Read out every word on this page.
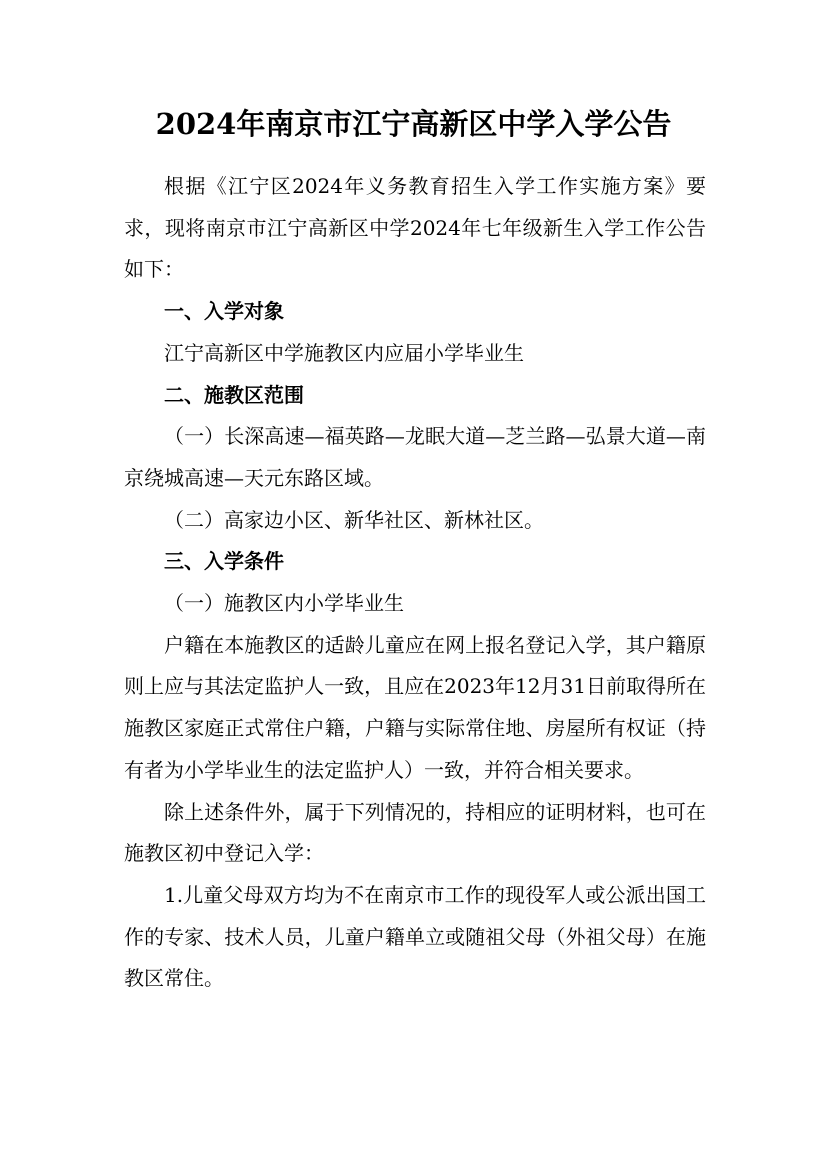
2024年南京市江宁高新区中学入学公告

根据《江宁区2024年义务教育招生入学工作实施方案》要求，现将南京市江宁高新区中学2024年七年级新生入学工作公告如下：

一、入学对象

江宁高新区中学施教区内应届小学毕业生

二、施教区范围

（一）长深高速—福英路—龙眠大道—芝兰路—弘景大道—南京绕城高速—天元东路区域。

（二）高家边小区、新华社区、新林社区。

三、入学条件

（一）施教区内小学毕业生

户籍在本施教区的适龄儿童应在网上报名登记入学，其户籍原则上应与其法定监护人一致，且应在2023年12月31日前取得所在施教区家庭正式常住户籍，户籍与实际常住地、房屋所有权证（持有者为小学毕业生的法定监护人）一致，并符合相关要求。

除上述条件外，属于下列情况的，持相应的证明材料，也可在施教区初中登记入学：

1.儿童父母双方均为不在南京市工作的现役军人或公派出国工作的专家、技术人员，儿童户籍单立或随祖父母（外祖父母）在施教区常住。
